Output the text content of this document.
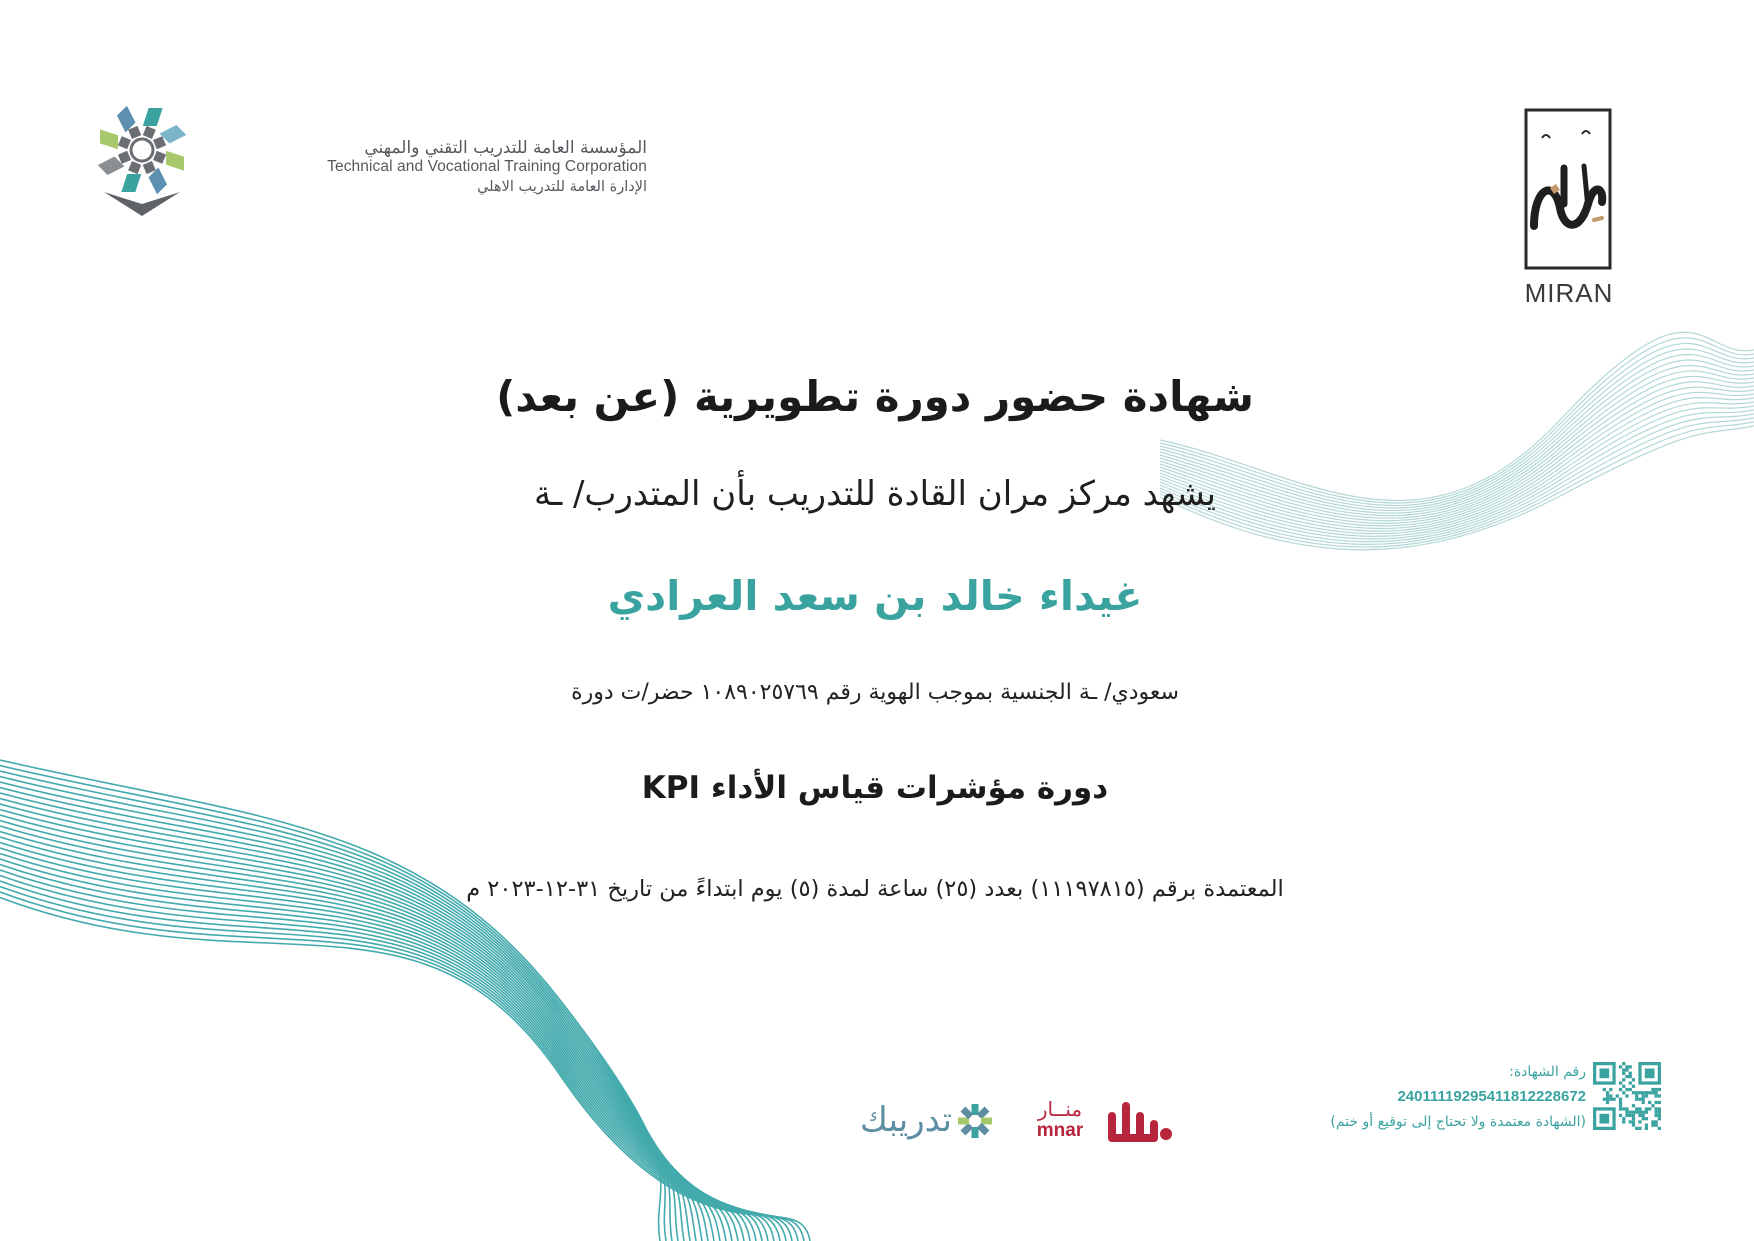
المؤسسة العامة للتدريب التقني والمهني
Technical and Vocational Training Corporation
الإدارة العامة للتدريب الاهلي
MIRAN
شهادة حضور دورة تطويرية (عن بعد)
يشهد مركز مران القادة للتدريب بأن المتدرب/ ـة
غيداء خالد بن سعد العرادي
سعودي/ ـة الجنسية بموجب الهوية رقم ١٠٨٩٠٢٥٧٦٩ حضر/ت دورة
دورة مؤشرات قياس الأداء KPI
المعتمدة برقم (١١١٩٧٨١٥) بعدد (٢٥) ساعة لمدة (٥) يوم ابتداءً من تاريخ ٣١-١٢-٢٠٢٣ م
رقم الشهادة:
24011119295411812228672
(الشهادة معتمدة ولا تحتاج إلى توقيع أو ختم)
منــار
mnar
تدريبك
